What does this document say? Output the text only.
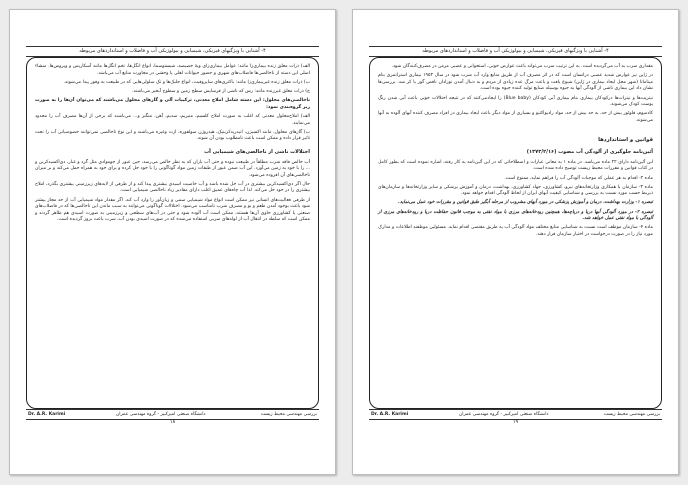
۴- آشنایی با ویژگیهای فیزیکی، شیمیایی و بیولوژیکی آب و فاضلاب و استانداردهای مربوطه

الف) ذرات معلق زنده بیماری‌زا مانند: عوامل بیماری‌زای ویهٔ خصیصه، شیستوسما، انواع انگل‌ها، تخم انگل‌ها مانند آسکاریس و ویروس‌ها. منشاء اصلی این دسته از ناخالصی‌ها فاضلاب‌های شهری و حضور حیوانات اهلی یا وحشی در مجاورت منابع آب می‌باشد.

ب) ذرات معلق زنده غیربیماری‌زا مانند: باکتری‌های ساپروفیت، انواع جلبک‌ها و تک سلولی‌هایی که در طبیعت به وفور پیدا می‌شوند.

ج) ذرات معلق غیرزنده مانند: رس که ناشی از فرسایش سطح زمین و سطوح آبخیز می‌باشند.

ناخالصی‌های محلول: این دسته شامل املاح معدنی، ترکیبات آلی و گازهای محلول می‌باشند که می‌توان آن‌ها را به صورت زیر گروه‌بندی نمود:

الف) املاح‌محلول معدنی که اغلب به صورت املاح کلسیم، منیزیم، سدیم، آهن، منگنز و... می‌باشند که برخی از آن‌ها مصرف آب را محدود می‌نمایند.

ب) گازهای محلول، مانند اکسیژن، انیدریدکربنیک، هیدروژن سولفوره، ازت وغیره می‌باشند و این نوع ناخالصی نمی‌توانند خصوصیاتی آب را تحت تاثیر قرار داده و ممکن است باعث نامطلوب بودن آن شوند.

اختلالات ناشی از ناخالصی‌های شیمیایی آب

آب خالص فاقد شرب مطلقاً در طبیعت نبوده و حتی آب باران که به نظر خالص می‌رسد، حین عبور از جوموادی مثل گرد و غبار، دی‌اکسیدکربن و ... را با خود به زمین می‌آورد. این آب ضمن عبور از طبقات زمین مواد گوناگونی را با خود حل کرده و برای خود به همراه حمل می‌کند و بر میزان ناخالصی‌های آن افزوده می‌شود.

حال اگر دی‌اکسیدکربن بیشتری در آب حل شده باشد و آب خاصیت اسیدی بیشتری پیدا کند و از طرفی از لایه‌های زیرزمینی بیشتری بگذرد، املاح بیشتری را در خود حل می‌کند. لذا آب چاه‌های عمیق اغلب دارای مقادیر زیاد ناخالصی شیمیایی است.

از طرفی فعالیت‌های انسانی نیز ممکن است انواع مواد شیمیایی سمی و زیان‌آور را وارد آب کند. اگر مقدار مواد شیمیایی آب از حد مجاز بیشتر شود باعث بوجود آمدن طعم و بو و مصرف شرب نامناسب می‌شود. اختلالات گوناگونی می‌توانند به سبب ماندن این ناخالصی‌ها که در فاضلاب‌های صنعتی یا کشاورزی حاوی آن‌ها هستند، ممکن است آب آلوده شود و حتی در آب‌های سطحی و زیرزمینی به صورت اسیدی هم ظاهر گردند و ممکن است که سلطه در انتقال آب از لوله‌های سربی استفاده می‌شده که در صورت اسیدی بودن آب، سرب باعث بروز گردیده است.

Dr. A.R. Karimi	دانشگاه صنعتی امیرکبیر - گروه مهندسی عمران	بررسی مهندسی محیط زیست
۱۸
۴- آشنایی با ویژگیهای فیزیکی، شیمیایی و بیولوژیکی آب و فاضلاب و استانداردهای مربوطه

مقداری سرب به آب می‌گردیده است. به این ترتیب سرب می‌تواند باعث عوارض خونی، استخوانی و عصبی مزمن در مصرف‌کنندگان شود.

در ژاپن نیز عوارض شدید عصبی درانسان است که در اثر مصرف آب از طریق منابع وارد آب شرب شود در سال ۱۹۵۳ بیماری استراتمری بنام میناماتا (شهر محل ایجاد بیماری در ژاپن) شیوع یافت و باعث مرگ عده زیادی از مردم و به دنبال آمدن نوزادان ناقص گور یا کر شد. بررسی‌ها نشان داد این بیماری ناشی از آلودگی آبها به جیوه بوسیله صنایع تولید کننده جیوه بوده است.

نیتریت‌ها و نیترات‌ها درکودکان بیماری بنام بیماری آبی کودکان (Blue baby) را ایجادمی‌کنند که در نتیجه اختلالات خونی باعث آبی شدن رنگ پوست کودک می‌شوند.

کادمیوم، فلوئور بیش از حد، به حد بیش از حد، مواد رادیواکتیو و بسیاری از مواد دیگر باعث ایجاد بیماری در افراد مصرف کننده آبهای آلوده به آنها می‌شوند.

قوانین و استانداردها

آئین‌نامه جلوگیری از آلودگی آب مصوب (۱۳۷۳/۲/۱۶)

این آئین‌نامه دارای ۲۲ ماده می‌باشد. در ماده ۱ به معانی عبارات و اصطلاحاتی که در این آئین‌نامه به کار رفته، اشاره نموده است که بطور کامل در کتاب قوانین و مقررات محیط زیست توضیح داده شده است.

ماده ۲- اقدام به هر عملی که موجبات آلودگی آب را فراهم نماید، ممنوع است.

ماده ۳- سازمان با همکاری وزارتخانه‌های نیرو، کشاورزی، جهاد کشاورزی، بهداشت، درمان و آموزش پزشکی و سایر وزارتخانه‌ها و سازمان‌های ذیربط حسب مورد نسبت به بررسی و شناسایی کیفیت آبهای ایران از لحاظ آلودگی اقدام خواهد نمود.

تبصره ۱- وزارت بهداشت، درمان و آموزش پزشکی در مورد آبهای مشروب از مرحله آبگیر طبق قوانین و مقررات خود عمل می‌نماید.

تبصره ۲- در مورد آلودگی آبها دریا و دریاچه‌ها، همچنین رودخانه‌های مرزی با مواد نفتی به موجب قانون حفاظت دریا و رودخانه‌های مرزی از آلودگی با مواد نفتی عمل خواهد شد.

ماده ۴- سازمان موظف است نسبت به شناسایی منابع مختلف مواد آلودگی آب به طریق مقتضی اقدام نماید. مسئولین موظفند اطلاعات و مدارک مورد نیاز را در صورت درخواست در اختیار سازمان قرار دهند.

Dr. A.R. Karimi	دانشگاه صنعتی امیرکبیر - گروه مهندسی عمران	بررسی مهندسی محیط زیست
۱۹
